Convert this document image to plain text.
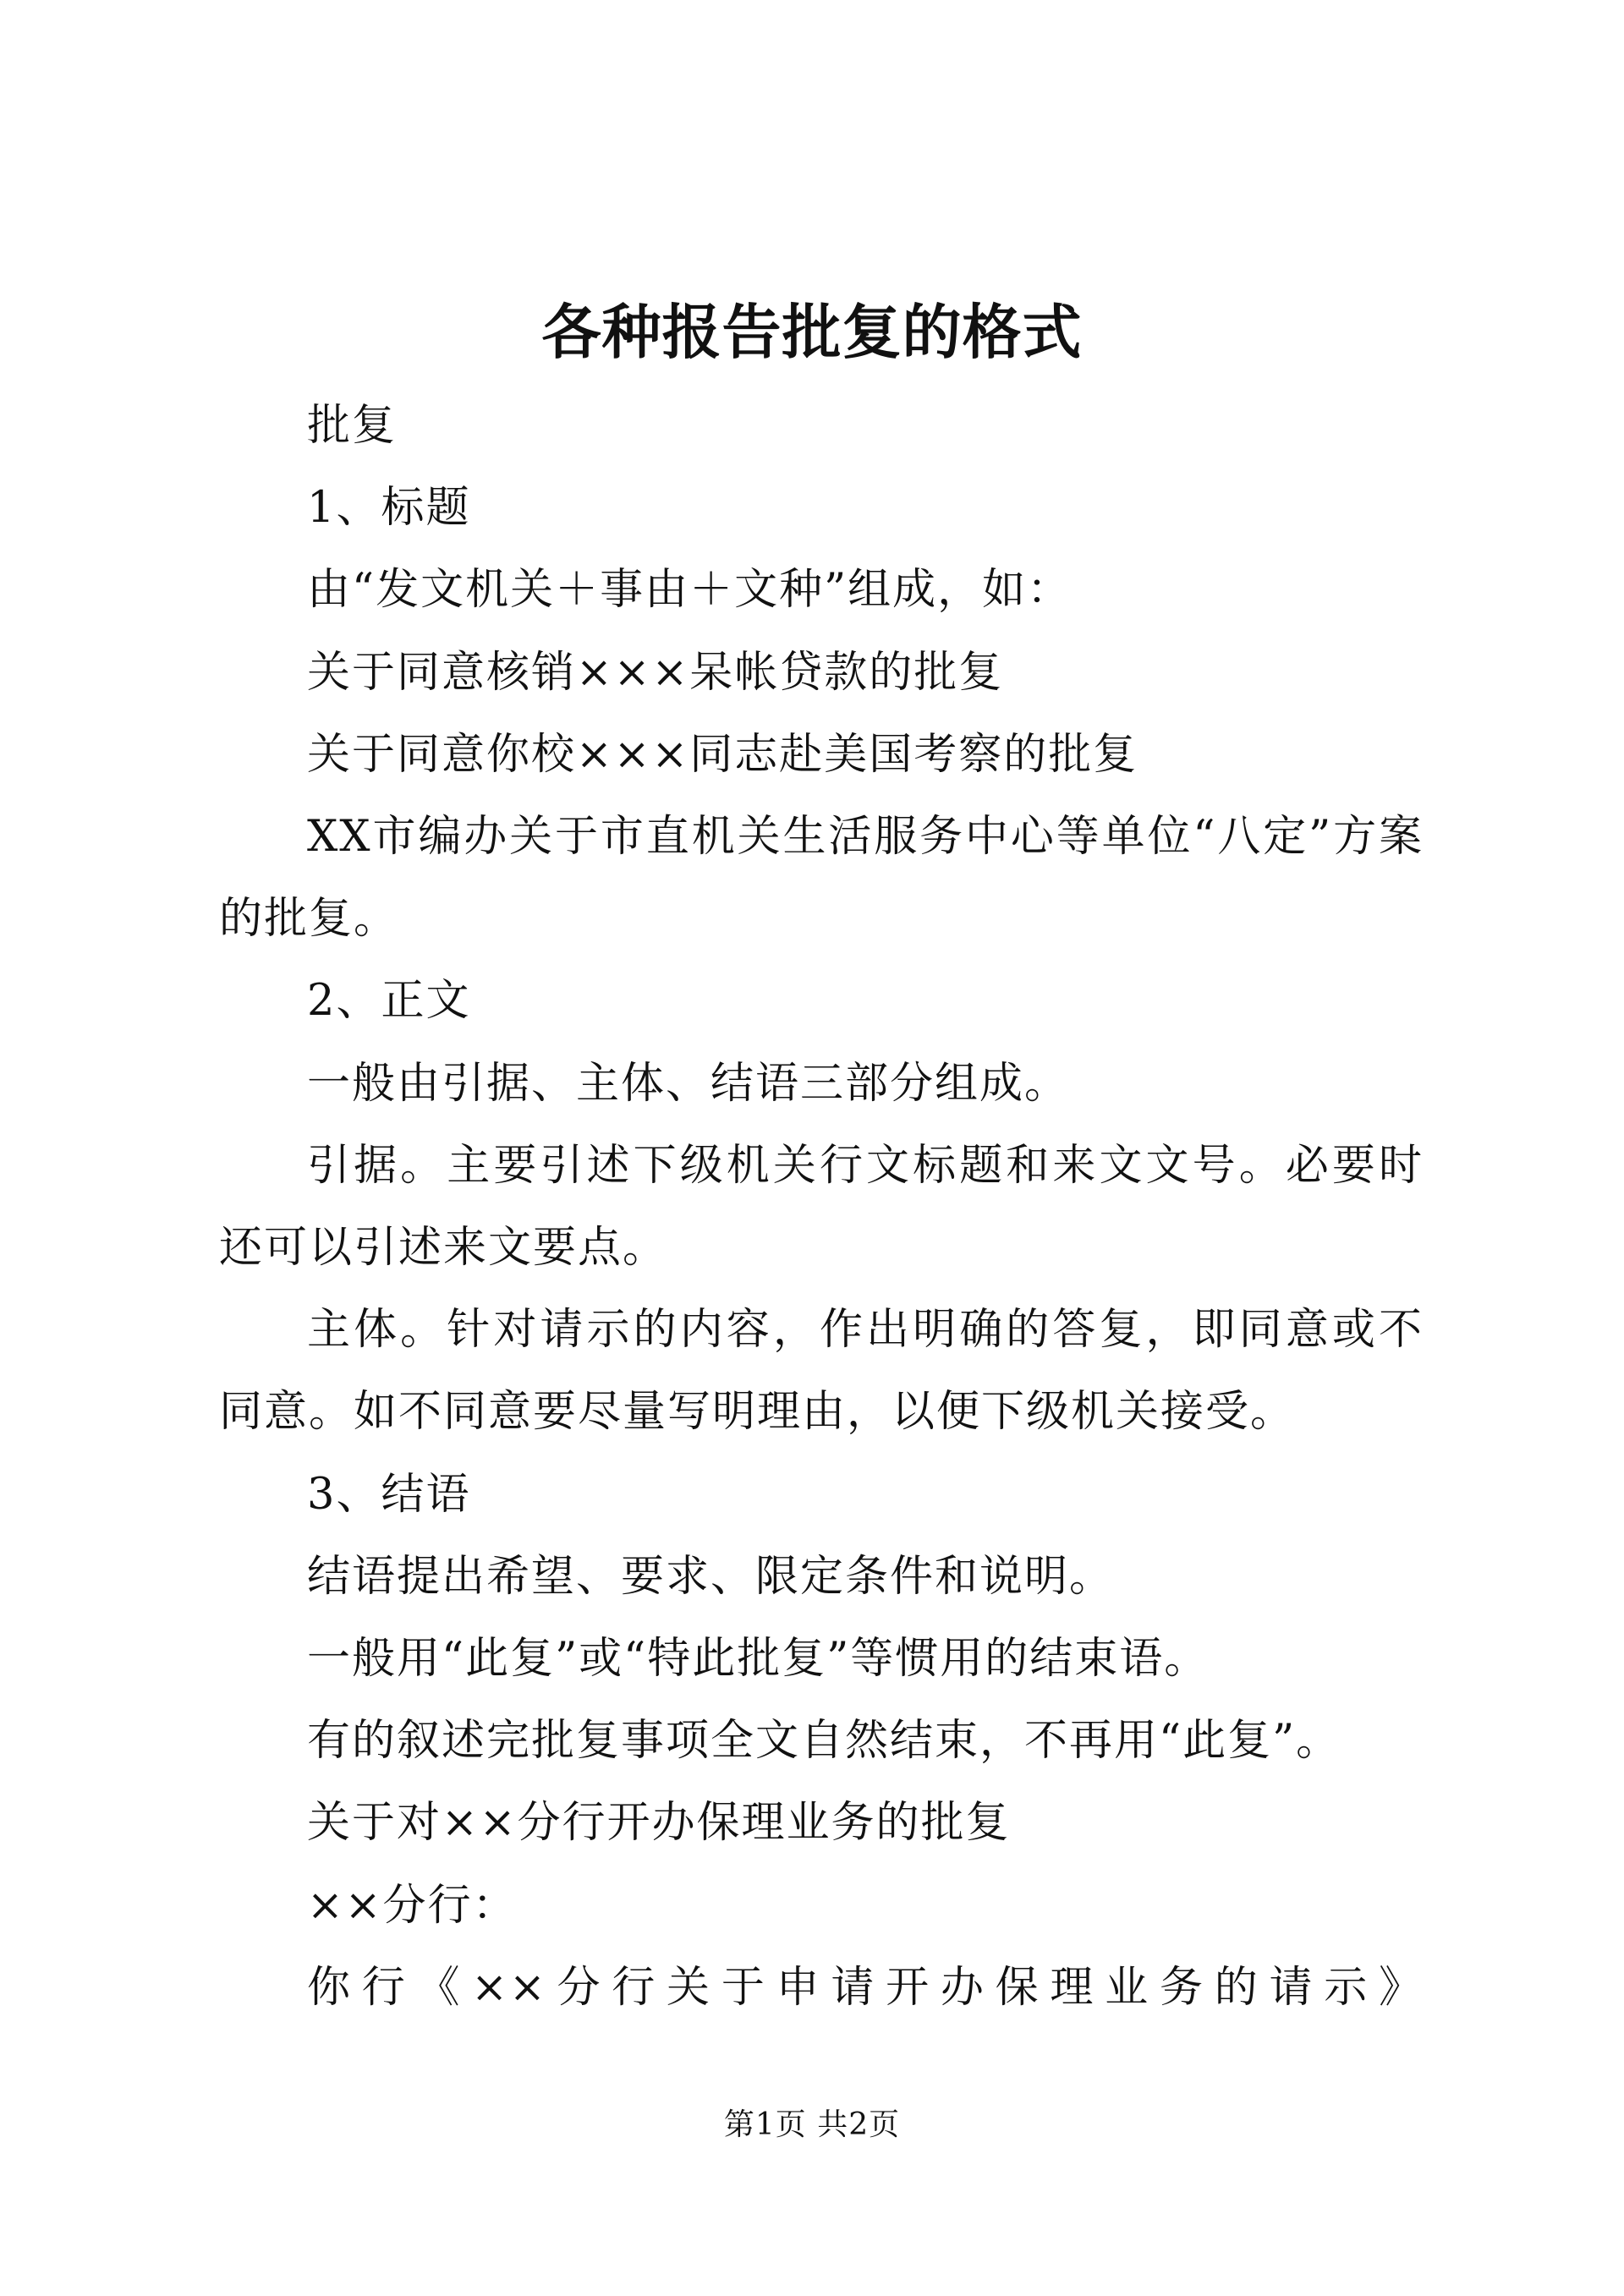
各种报告批复的格式

批复

1、标题

由“发文机关＋事由＋文种”组成，如：

关于同意核销×××呆帐贷款的批复

关于同意你校×××同志赴美国考察的批复

XX市编办关于市直机关生活服务中心等单位“八定”方案的批复。

2、正文

一般由引据、主体、结语三部分组成。

引据。主要引述下级机关行文标题和来文文号。必要时还可以引述来文要点。

主体。针对请示的内容，作出明确的答复，即同意或不同意。如不同意要尽量写明理由，以便下级机关接受。

3、结语

结语提出希望、要求、限定条件和说明。

一般用“此复”或“特此批复”等惯用的结束语。

有的叙述完批复事项全文自然结束，不再用“此复”。

关于对××分行开办保理业务的批复

××分行：

你行《××分行关于申请开办保理业务的请示》

第1页 共2页
